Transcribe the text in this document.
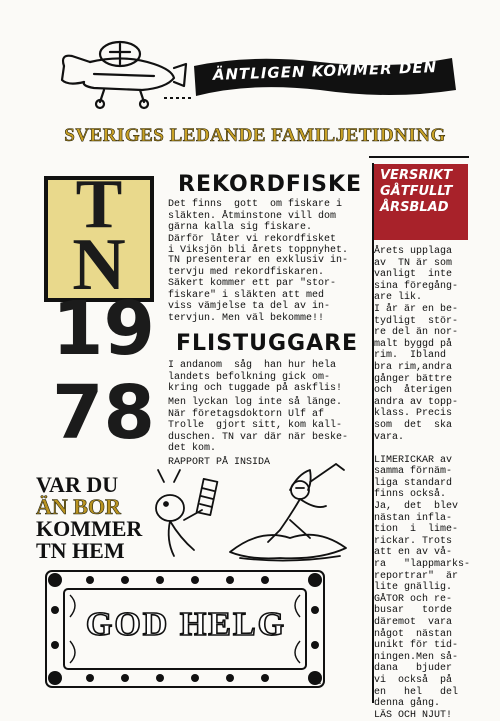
ÄNTLIGEN KOMMER DEN
SVERIGES LEDANDE FAMILJETIDNING
T
N
19
78
VAR DU
ÄN BOR
KOMMER
TN HEM
REKORDFISKE
Det finns  gott  om fiskare i
släkten. Åtminstone vill dom
gärna kalla sig fiskare.
Därför låter vi rekordfisket
i Viksjön bli årets toppnyhet.
TN presenterar en exklusiv in-
tervju med rekordfiskaren.
Säkert kommer ett par "stor-
fiskare" i släkten att med
viss vämjelse ta del av in-
tervjun. Men väl bekomme!!
FLISTUGGARE
I andanom  såg  han hur hela
landets befolkning gick om-
kring och tuggade på askflis!
Men lyckan log inte så länge.
När företagsdoktorn Ulf af
Trolle  gjort sitt, kom kall-
duschen. TN var där när beske-
det kom.
RAPPORT PÅ INSIDA
VERSRIKT
GÅTFULLT
ÅRSBLAD
Årets upplaga
av  TN är som
vanligt  inte
sina föregång-
are lik.
I år är en be-
tydligt  stör-
re del än nor-
malt byggd på
rim.  Ibland
bra rim,andra
gånger bättre
och  återigen
andra av topp-
klass. Precis
som  det  ska
vara.

LIMERICKAR av
samma förnäm-
liga standard
finns också.
Ja,  det  blev
nästan infla-
tion  i  lime-
rickar. Trots
att en av vå-
ra   "lappmarks-
reportrar"  är
lite gnällig.
GÅTOR och re-
busar   torde
däremot  vara
något  nästan
unikt för tid-
ningen.Men så-
dana   bjuder
vi  också  på
en   hel   del
denna gång.
LÄS OCH NJUT!
GOD HELG
2.
